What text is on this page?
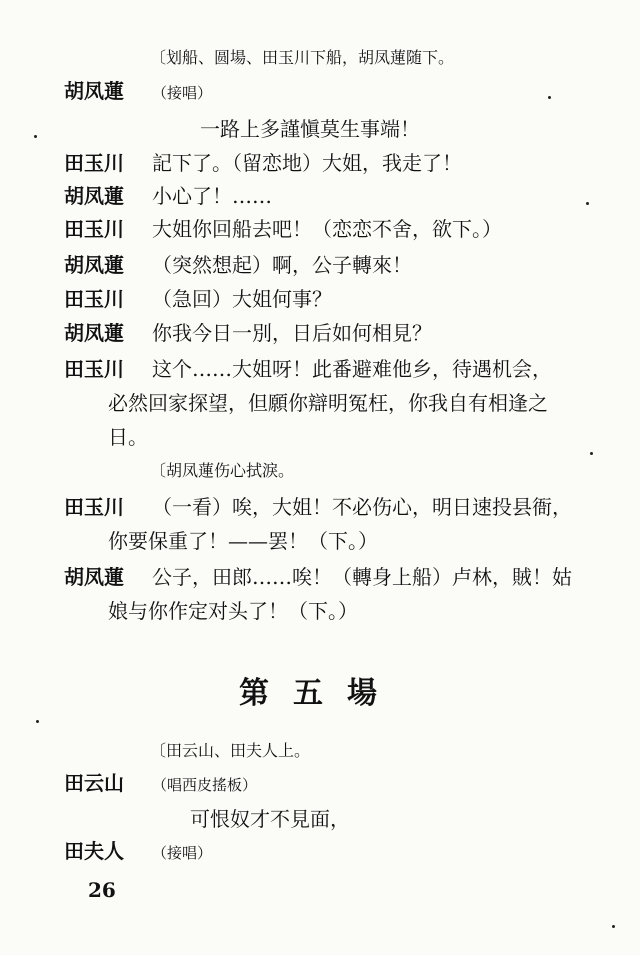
〔划船、圆場、田玉川下船，胡凤蓮随下。
胡凤蓮 （接唱）
一路上多謹愼莫生事端！
田玉川 記下了。（留恋地）大姐，我走了！
胡凤蓮 小心了！……
田玉川 大姐你回船去吧！（恋恋不舍，欲下。）
胡凤蓮 （突然想起）啊，公子轉來！
田玉川 （急回）大姐何事？
胡凤蓮 你我今日一別，日后如何相見？
田玉川 这个……大姐呀！此番避难他乡，待遇机会，
必然回家探望，但願你辯明冤枉，你我自有相逢之
日。
〔胡凤蓮伤心拭淚。
田玉川 （一看）唉，大姐！不必伤心，明日速投县衙，
你要保重了！——罢！（下。）
胡凤蓮 公子，田郎……唉！（轉身上船）卢林，賊！姑
娘与你作定对头了！（下。）
第五場
〔田云山、田夫人上。
田云山 （唱西皮搖板）
可恨奴才不見面，
田夫人 （接唱）
26
